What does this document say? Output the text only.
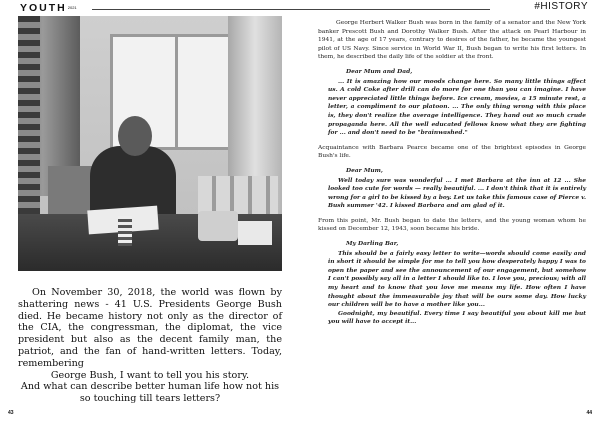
$YOUTH^{2021}$	#HISTORY

On November 30, 2018, the world was flown by shattering news - 41 U.S. Presidents George Bush died. He became history not only as the director of the CIA, the congressman, the diplomat, the vice president but also as the decent family man, the patriot, and the fan of hand-written letters. Today, remembering

George Bush, I want to tell you his story.

And what can describe better human life how not his so touching till tears letters?

43

George Herbert Walker Bush was born in the family of a senator and the New York banker Prescott Bush and Dorothy Walker Bush. After the attack on Pearl Harbour in 1941, at the age of 17 years, contrary to desires of the father, he became the youngest pilot of US Navy. Since service in World War II, Bush began to write his first letters. In them, he described the daily life of the soldier at the front.

Dear Mum and Dad,
... It is amazing how our moods change here. So many little things affect us. A cold Coke after drill can do more for one than you can imagine. I have never appreciated little things before. Ice cream, movies, a 15 minute rest, a letter, a compliment to our platoon. ... The only thing wrong with this place is, they don't realize the average intelligence. They hand out so much crude propaganda here. All the well educated fellows know what they are fighting for ... and don't need to be "brainwashed."

Acquaintance with Barbara Pearce became one of the brightest episodes in George Bush's life.

Dear Mum,
Well today sure was wonderful ... I met Barbara at the inn at 12 ... She looked too cute for words — really beautiful. ... I don't think that it is entirely wrong for a girl to be kissed by a boy. Let us take this famous case of Pierce v. Bush summer '42. I kissed Barbara and am glad of it.

From this point, Mr. Bush began to date the letters, and the young woman whom he kissed on December 12, 1943, soon became his bride.

My Darling Bar,
This should be a fairly easy letter to write—words should come easily and in short it should be simple for me to tell you how desperately happy I was to open the paper and see the announcement of our engagement, but somehow I can't possibly say all in a letter I should like to. I love you, precious; with all my heart and to know that you love me means my life. How often I have thought about the immeasurable joy that will be ours some day. How lucky our children will be to have a mother like you...
Goodnight, my beautiful. Every time I say beautiful you about kill me but you will have to accept it...
44
